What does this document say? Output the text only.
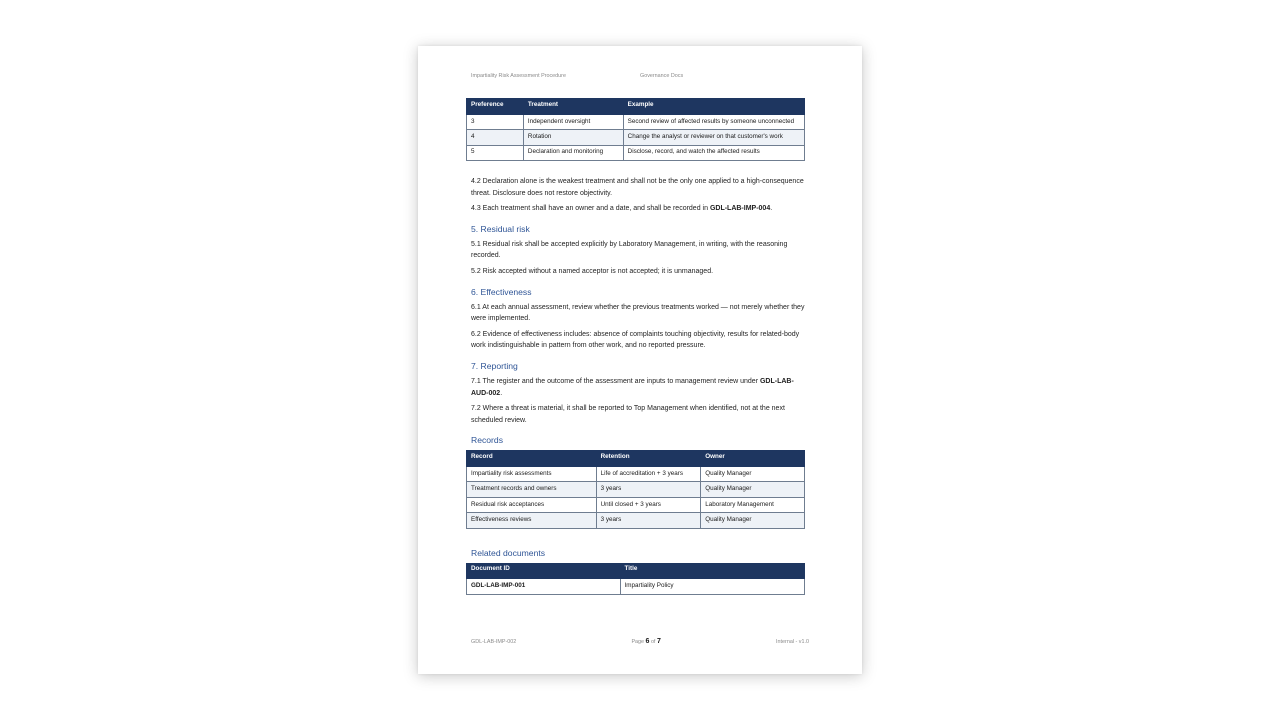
Impartiality Risk Assessment Procedure	Governance Docs
Preference	Treatment	Example
3	Independent oversight	Second review of affected results by someone unconnected
4	Rotation	Change the analyst or reviewer on that customer's work
5	Declaration and monitoring	Disclose, record, and watch the affected results

4.2 Declaration alone is the weakest treatment and shall not be the only one applied to a high-consequence threat. Disclosure does not restore objectivity.

4.3 Each treatment shall have an owner and a date, and shall be recorded in GDL-LAB-IMP-004.

5. Residual risk

5.1 Residual risk shall be accepted explicitly by Laboratory Management, in writing, with the reasoning recorded.

5.2 Risk accepted without a named acceptor is not accepted; it is unmanaged.

6. Effectiveness

6.1 At each annual assessment, review whether the previous treatments worked — not merely whether they were implemented.

6.2 Evidence of effectiveness includes: absence of complaints touching objectivity, results for related-body work indistinguishable in pattern from other work, and no reported pressure.

7. Reporting

7.1 The register and the outcome of the assessment are inputs to management review under GDL-LAB-AUD-002.

7.2 Where a threat is material, it shall be reported to Top Management when identified, not at the next scheduled review.

Records
Record	Retention	Owner
Impartiality risk assessments	Life of accreditation + 3 years	Quality Manager
Treatment records and owners	3 years	Quality Manager
Residual risk acceptances	Until closed + 3 years	Laboratory Management
Effectiveness reviews	3 years	Quality Manager
Related documents
Document ID	Title
GDL-LAB-IMP-001	Impartiality Policy
GDL-LAB-IMP-002	Page 6 of 7	Internal - v1.0
